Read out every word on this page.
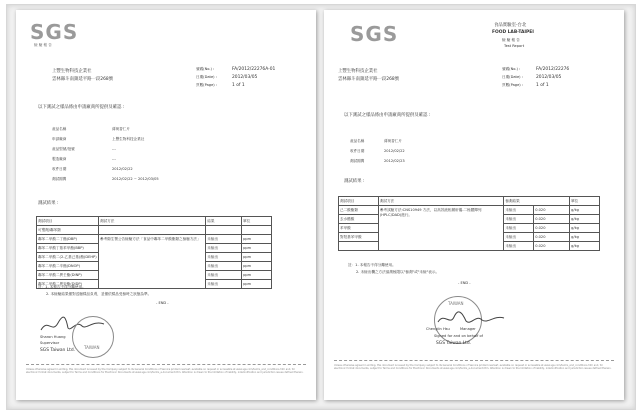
SGS
檢 驗 報 告
上豐生物科技企業社
雲林縣斗南鎮延平路一段268號
號碼(No.) :	FA/2012/22276A-01
日期(Date) :	2012/03/05
頁數(Page) :	1 of 1
以下測試之樣品係由申請廠商所提供及確認 :
產品名稱	薄荷香仁片
申請廠商	上豐生物科技企業社
產品型號/批號	---
製造廠商	---
收件日期	2012/02/22
測試期間	2012/02/22 ~ 2012/03/05
測試結果 :
測試項目	測試方法	結果	單位
可塑劑/鄰苯類			
鄰苯二甲酸二丁酯(DBP)	參考衛生署公告檢驗方法「食品中鄰苯二甲酸酯類之檢驗方法」	未檢出	ppm
鄰苯二甲酸丁基苯甲酯(BBP)		未檢出	ppm
鄰苯二甲酸二(2-乙基己基)酯(DEHP)		未檢出	ppm
鄰苯二甲酸二辛酯(DNOP)		未檢出	ppm
鄰苯二甲酸二異壬酯(DINP)		未檢出	ppm
鄰苯二甲酸二異癸酯(DIDP)		未檢出	ppm
註：1. 本報告不得分離使用。
2. 本檢驗結果僅對送驗樣品負責，並僅依樣品受檢時之狀態為準。
- END -
TAIWAN
Sharon Huang
Supervisor
SGS Taiwan Ltd.
Unless otherwise agreed in writing, this document is issued by the Company subject to its General Conditions of Service printed overleaf, available on request or accessible at www.sgs.com/terms_and_conditions.htm and, for electronic format documents, subject to Terms and Conditions for Electronic Documents at www.sgs.com/terms_e-document.htm. Attention is drawn to the limitation of liability, indemnification and jurisdiction issues defined therein.
SGS	食品實驗室-台北
FOOD LAB-TAIPEI
檢 驗 報 告
Test Report
上豐生物科技企業社
雲林縣斗南鎮延平路一段268號
號碼(No.) :	FA/2012/22276
日期(Date) :	2012/03/05
頁數(Page) :	1 of 1
以下測試之樣品係由申請廠商所提供及確認 :
產品名稱	薄荷香仁片
收件日期	2012/02/22
測試期間	2012/02/23
測試結果 :
測試項目	測試方法	檢測結果		單位
己二酸酯類	參考試驗方法:CNS10949 方法，以高效液相層析儀-二極體陣列(HPLC/DAD)進行。	未檢出	0.020	g/kg
去水醋酸		未檢出	0.020	g/kg
苯甲酸		未檢出	0.020	g/kg
對羥基苯甲酸		未檢出	0.020	g/kg
		未檢出	0.020	g/kg
註：1. 本報告不得分離使用。
2. 未檢出欄之方法偵測極限以"檢測"或"未檢"表示。
- END -
TAIWAN
Chenglin Hsu	Manager
Signed for and on behalf of
SGS Taiwan Ltd.
Unless otherwise agreed in writing, this document is issued by the Company subject to its General Conditions of Service printed overleaf, available on request or accessible at www.sgs.com/terms_and_conditions.htm and, for electronic format documents, subject to Terms and Conditions for Electronic Documents at www.sgs.com/terms_e-document.htm. Attention is drawn to the limitation of liability, indemnification and jurisdiction issues defined therein.
